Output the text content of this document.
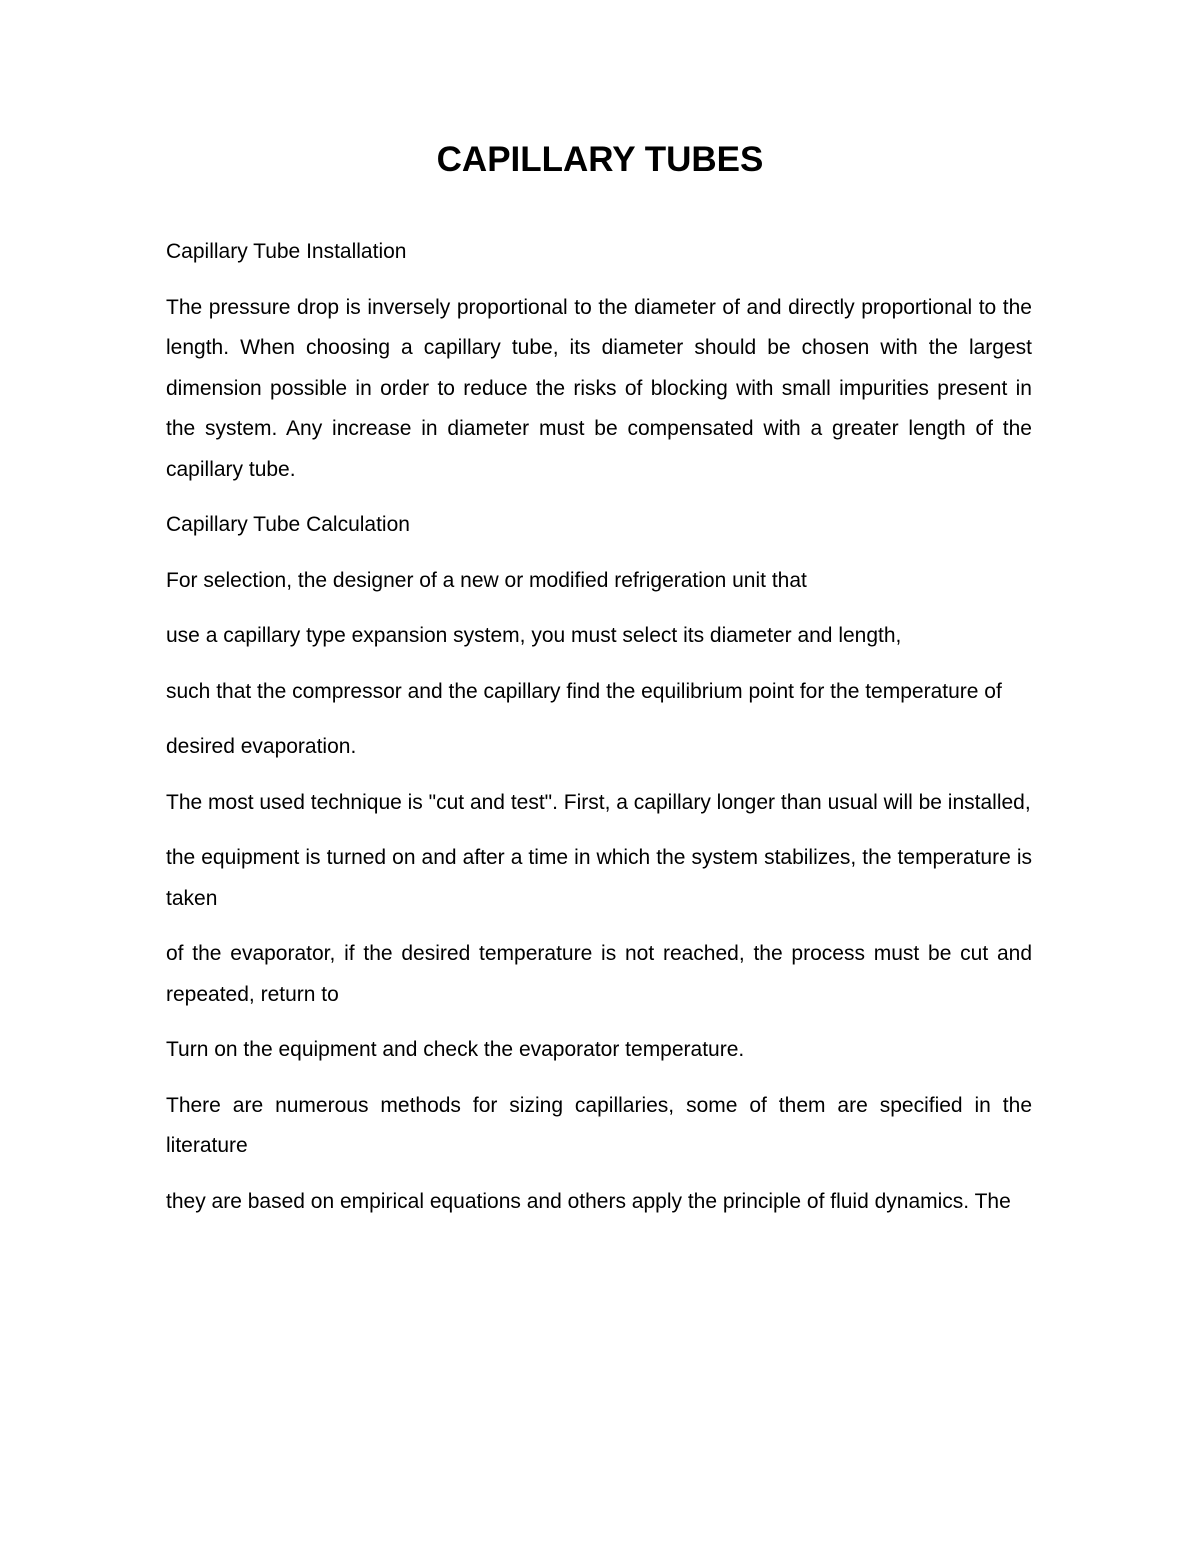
CAPILLARY TUBES

Capillary Tube Installation

The pressure drop is inversely proportional to the diameter of and directly proportional to the length. When choosing a capillary tube, its diameter should be chosen with the largest dimension possible in order to reduce the risks of blocking with small impurities present in the system. Any increase in diameter must be compensated with a greater length of the capillary tube.

Capillary Tube Calculation

For selection, the designer of a new or modified refrigeration unit that

use a capillary type expansion system, you must select its diameter and length,

such that the compressor and the capillary find the equilibrium point for the temperature of

desired evaporation.

The most used technique is "cut and test". First, a capillary longer than usual will be installed,

the equipment is turned on and after a time in which the system stabilizes, the temperature is taken

of the evaporator, if the desired temperature is not reached, the process must be cut and repeated, return to

Turn on the equipment and check the evaporator temperature.

There are numerous methods for sizing capillaries, some of them are specified in the literature

they are based on empirical equations and others apply the principle of fluid dynamics. The
